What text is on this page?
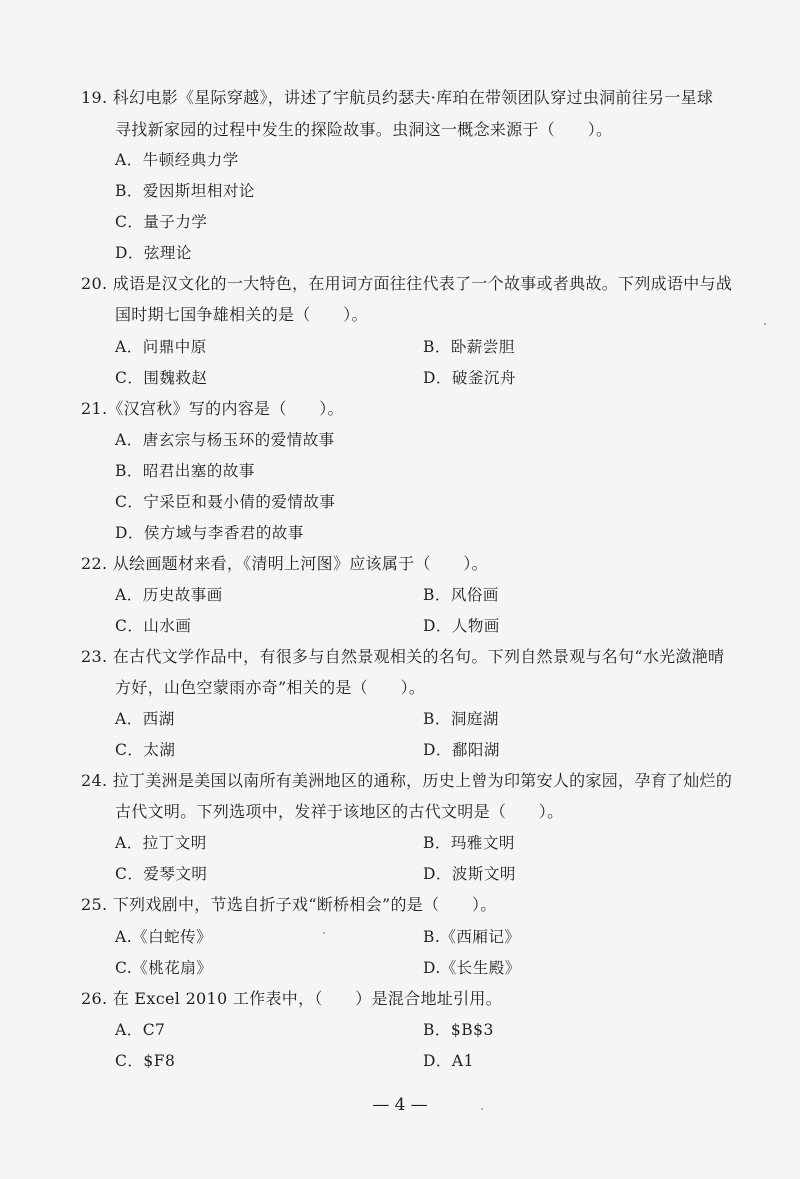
19. 科幻电影《星际穿越》，讲述了宇航员约瑟夫·库珀在带领团队穿过虫洞前往另一星球
寻找新家园的过程中发生的探险故事。虫洞这一概念来源于（　　）。
A．牛顿经典力学
B．爱因斯坦相对论
C．量子力学
D．弦理论
20. 成语是汉文化的一大特色，在用词方面往往代表了一个故事或者典故。下列成语中与战
国时期七国争雄相关的是（　　）。
A．问鼎中原	B．卧薪尝胆
C．围魏救赵	D．破釜沉舟
21.《汉宫秋》写的内容是（　　）。
A．唐玄宗与杨玉环的爱情故事
B．昭君出塞的故事
C．宁采臣和聂小倩的爱情故事
D．侯方域与李香君的故事
22. 从绘画题材来看，《清明上河图》应该属于（　　）。
A．历史故事画	B．风俗画
C．山水画	D．人物画
23. 在古代文学作品中，有很多与自然景观相关的名句。下列自然景观与名句“水光潋滟晴
方好，山色空蒙雨亦奇”相关的是（　　）。
A．西湖	B．洞庭湖
C．太湖	D．鄱阳湖
24. 拉丁美洲是美国以南所有美洲地区的通称，历史上曾为印第安人的家园，孕育了灿烂的
古代文明。下列选项中，发祥于该地区的古代文明是（　　）。
A．拉丁文明	B．玛雅文明
C．爱琴文明	D．波斯文明
25. 下列戏剧中，节选自折子戏“断桥相会”的是（　　）。
A.《白蛇传》	B.《西厢记》
C.《桃花扇》	D.《长生殿》
26. 在 Excel 2010 工作表中，（　　）是混合地址引用。
A．C7	B．$B$3
C．$F8	D．A1
— 4 —
